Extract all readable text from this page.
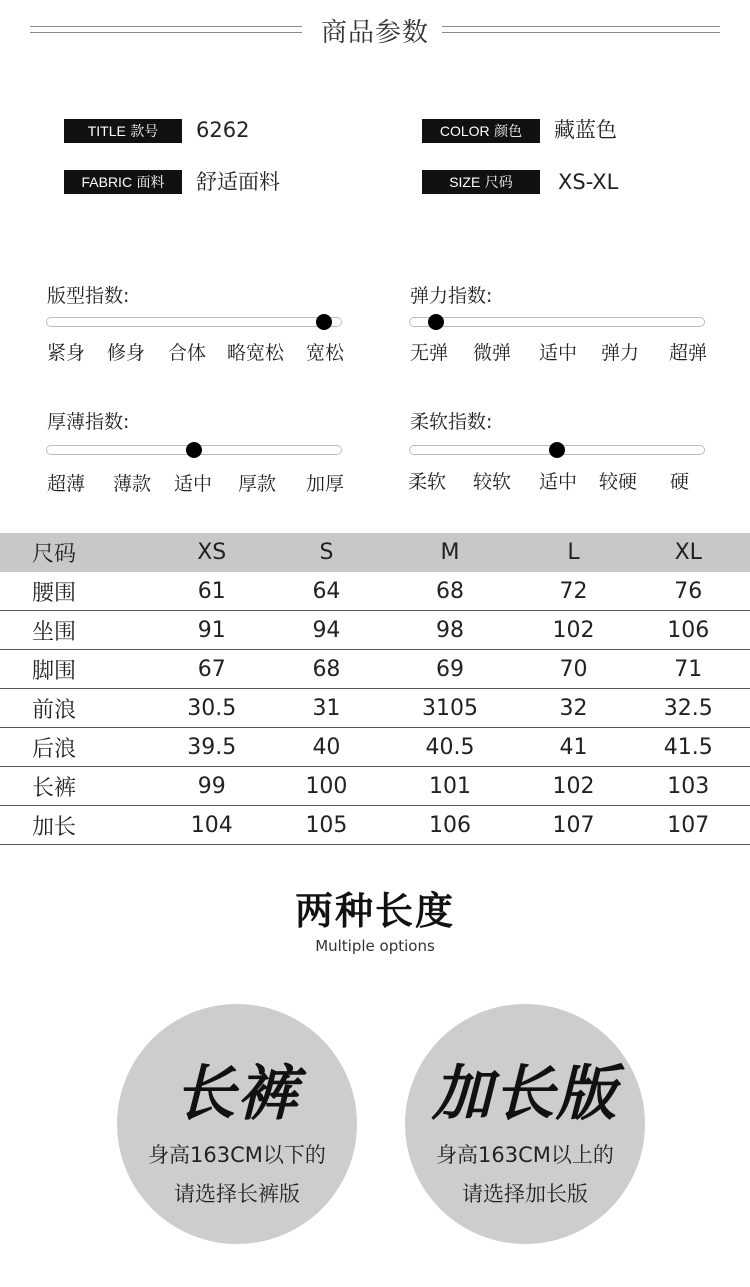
商品参数
TITLE 款号	6262	COLOR 颜色	藏蓝色
FABRIC 面料	舒适面料	SIZE 尺码	XS-XL
版型指数:
紧身 修身 合体 略宽松 宽松
弹力指数:
无弹 微弹 适中 弹力 超弹
厚薄指数:
超薄 薄款 适中 厚款 加厚
柔软指数:
柔软 较软 适中 较硬 硬
尺码	XS	S	M	L	XL
腰围	61	64	68	72	76
坐围	91	94	98	102	106
脚围	67	68	69	70	71
前浪	30.5	31	3105	32	32.5
后浪	39.5	40	40.5	41	41.5
长裤	99	100	101	102	103
加长	104	105	106	107	107
两种长度
Multiple options
长裤
身高163CM以下的
请选择长裤版
加长版
身高163CM以上的
请选择加长版
